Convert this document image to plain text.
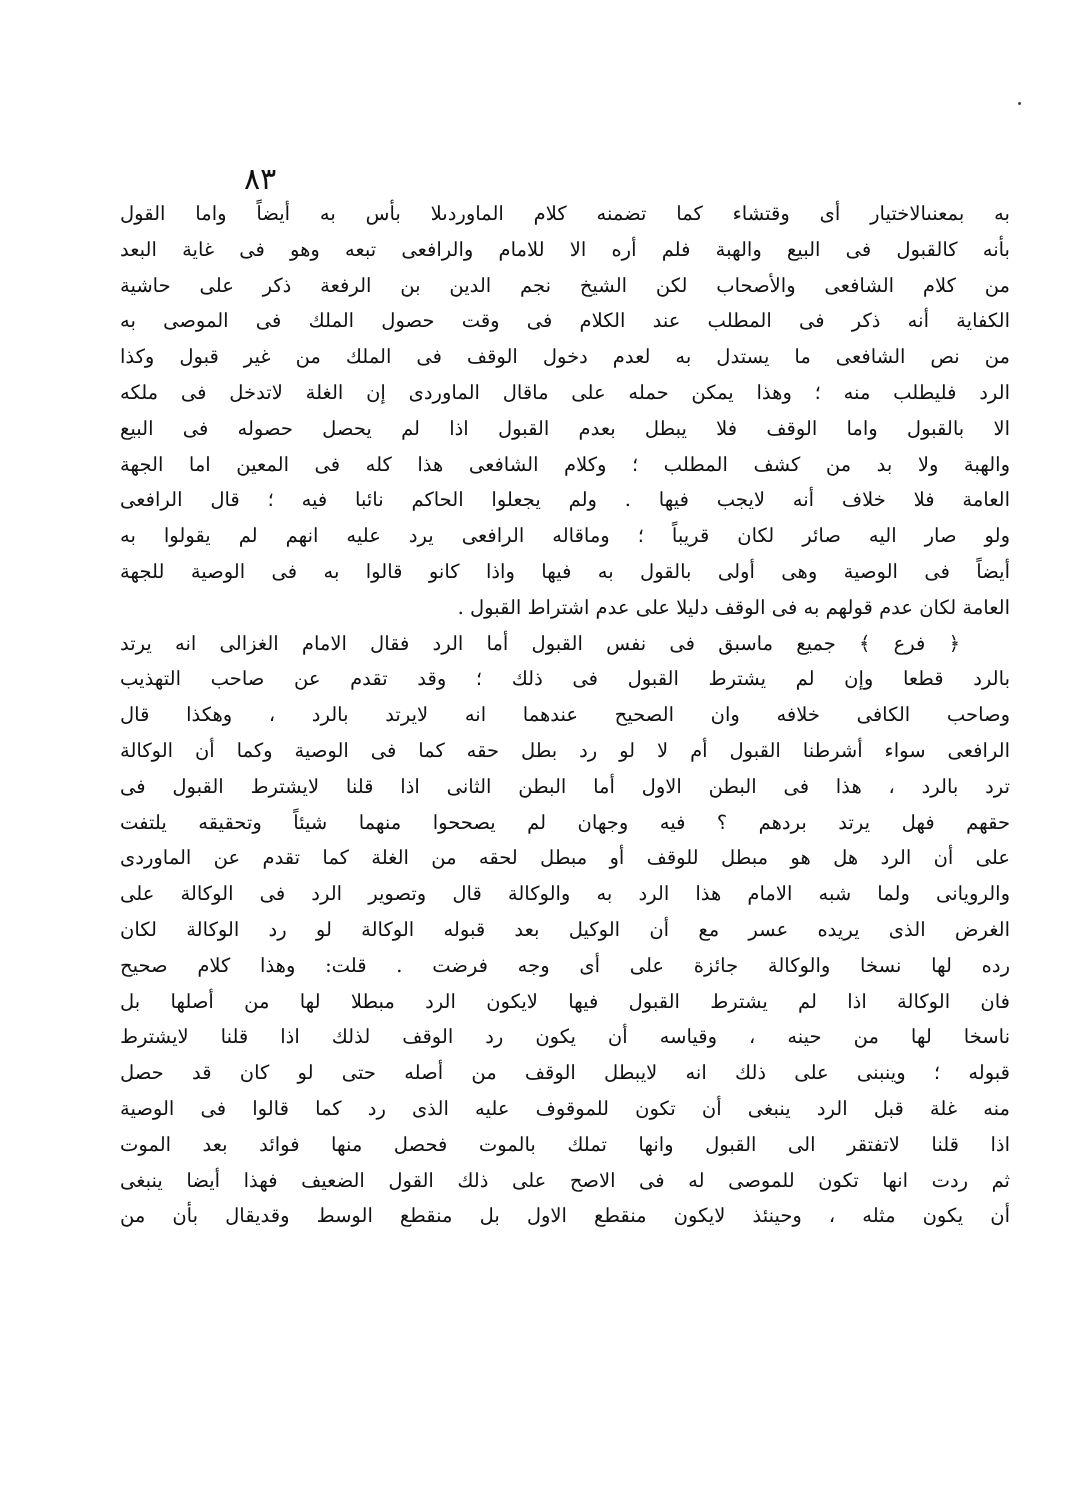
٨٣
به بمعنىالاختيار أى وقتشاء كما تضمنه كلام الماوردىلا بأس به أيضاً واما القول
بأنه كالقبول فى البيع والهبة فلم أره الا للامام والرافعى تبعه وهو فى غاية البعد
من كلام الشافعى والأصحاب لكن الشيخ نجم الدين بن الرفعة ذكر على حاشية
الكفاية أنه ذكر فى المطلب عند الكلام فى وقت حصول الملك فى الموصى به
من نص الشافعى ما يستدل به لعدم دخول الوقف فى الملك من غير قبول وكذا
الرد فليطلب منه ؛ وهذا يمكن حمله على ماقال الماوردى إن الغلة لاتدخل فى ملكه
الا بالقبول واما الوقف فلا يبطل بعدم القبول اذا لم يحصل حصوله فى البيع
والهبة ولا بد من كشف المطلب ؛ وكلام الشافعى هذا كله فى المعين اما الجهة
العامة فلا خلاف أنه لايجب فيها . ولم يجعلوا الحاكم نائبا فيه ؛ قال الرافعى
ولو صار اليه صائر لكان قريباً ؛ وماقاله الرافعى يرد عليه انهم لم يقولوا به
أيضاً فى الوصية وهى أولى بالقول به فيها واذا كانو قالوا به فى الوصية للجهة
العامة لكان عدم قولهم به فى الوقف دليلا على عدم اشتراط القبول .
﴿ فرع ﴾ جميع ماسبق فى نفس القبول أما الرد فقال الامام الغزالى انه يرتد
بالرد قطعا وإن لم يشترط القبول فى ذلك ؛ وقد تقدم عن صاحب التهذيب
وصاحب الكافى خلافه وان الصحيح عندهما انه لايرتد بالرد ، وهكذا قال
الرافعى سواء أشرطنا القبول أم لا لو رد بطل حقه كما فى الوصية وكما أن الوكالة
ترد بالرد ، هذا فى البطن الاول أما البطن الثانى اذا قلنا لايشترط القبول فى
حقهم فهل يرتد بردهم ؟ فيه وجهان لم يصححوا منهما شيئاً وتحقيقه يلتفت
على أن الرد هل هو مبطل للوقف أو مبطل لحقه من الغلة كما تقدم عن الماوردى
والرويانى ولما شبه الامام هذا الرد به والوكالة قال وتصوير الرد فى الوكالة على
الغرض الذى يريده عسر مع أن الوكيل بعد قبوله الوكالة لو رد الوكالة لكان
رده لها نسخا والوكالة جائزة على أى وجه فرضت . قلت: وهذا كلام صحيح
فان الوكالة اذا لم يشترط القبول فيها لايكون الرد مبطلا لها من أصلها بل
ناسخا لها من حينه ، وقياسه أن يكون رد الوقف لذلك اذا قلنا لايشترط
قبوله ؛ وينبنى على ذلك انه لايبطل الوقف من أصله حتى لو كان قد حصل
منه غلة قبل الرد ينبغى أن تكون للموقوف عليه الذى رد كما قالوا فى الوصية
اذا قلنا لاتفتقر الى القبول وانها تملك بالموت فحصل منها فوائد بعد الموت
ثم ردت انها تكون للموصى له فى الاصح على ذلك القول الضعيف فهذا أيضا ينبغى
أن يكون مثله ، وحينئذ لايكون منقطع الاول بل منقطع الوسط وقديقال بأن من
